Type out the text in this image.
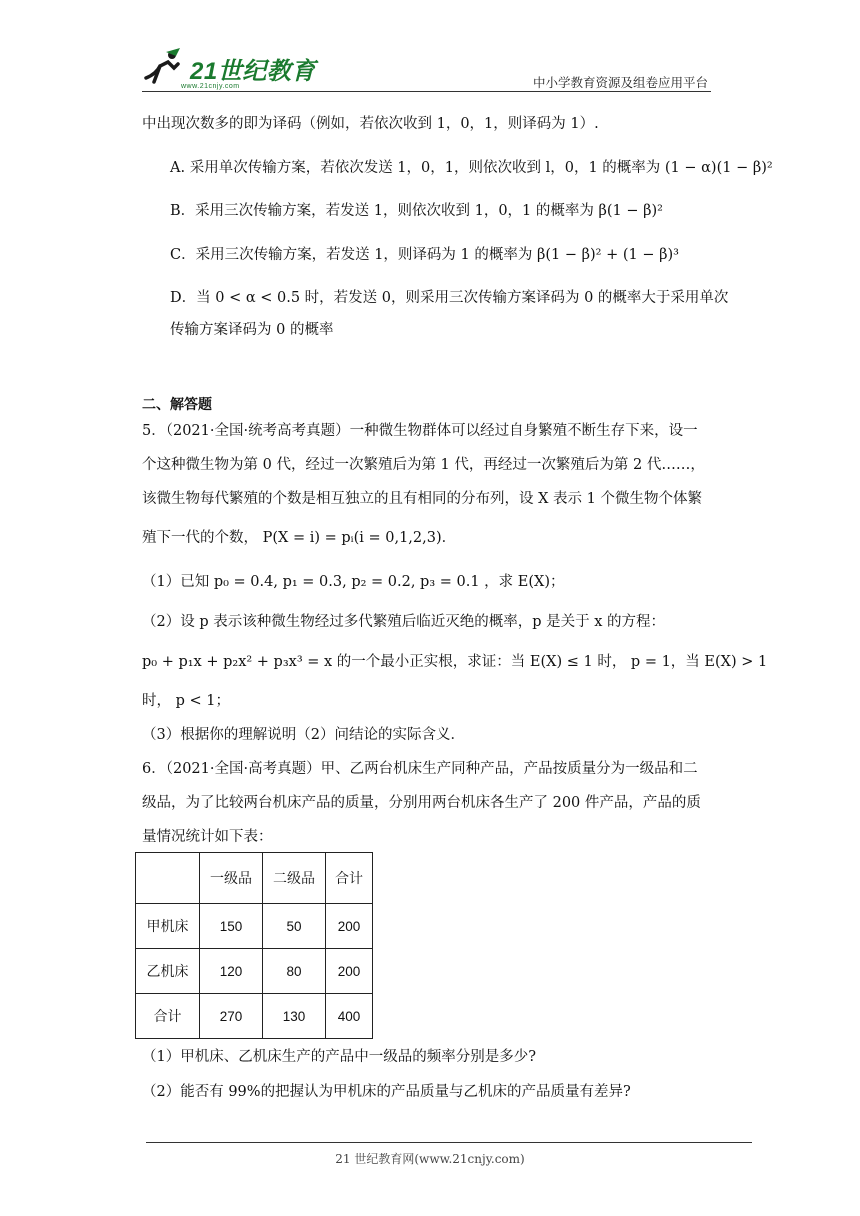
21世纪教育
www.21cnjy.com	中小学教育资源及组卷应用平台
中出现次数多的即为译码（例如，若依次收到 1，0，1，则译码为 1）.
A. 采用单次传输方案，若依次发送 1，0，1，则依次收到 l，0，1 的概率为 (1 − α)(1 − β)²
B．采用三次传输方案，若发送 1，则依次收到 1，0，1 的概率为 β(1 − β)²
C．采用三次传输方案，若发送 1，则译码为 1 的概率为 β(1 − β)² + (1 − β)³
D．当 0 < α < 0.5 时，若发送 0，则采用三次传输方案译码为 0 的概率大于采用单次
传输方案译码为 0 的概率
二、解答题
5．（2021·全国·统考高考真题）一种微生物群体可以经过自身繁殖不断生存下来，设一
个这种微生物为第 0 代，经过一次繁殖后为第 1 代，再经过一次繁殖后为第 2 代……，
该微生物每代繁殖的个数是相互独立的且有相同的分布列，设 X 表示 1 个微生物个体繁
殖下一代的个数， P(X = i) = pᵢ(i = 0,1,2,3)．
（1）已知 p₀ = 0.4, p₁ = 0.3, p₂ = 0.2, p₃ = 0.1 ，求 E(X)；
（2）设 p 表示该种微生物经过多代繁殖后临近灭绝的概率，p 是关于 x 的方程：
p₀ + p₁x + p₂x² + p₃x³ = x 的一个最小正实根，求证：当 E(X) ≤ 1 时， p = 1，当 E(X) > 1
时， p < 1；
（3）根据你的理解说明（2）问结论的实际含义．
6．（2021·全国·高考真题）甲、乙两台机床生产同种产品，产品按质量分为一级品和二
级品，为了比较两台机床产品的质量，分别用两台机床各生产了 200 件产品，产品的质
量情况统计如下表：
	一级品	二级品	合计
甲机床	150	50	200
乙机床	120	80	200
合计	270	130	400
（1）甲机床、乙机床生产的产品中一级品的频率分别是多少?
（2）能否有 99%的把握认为甲机床的产品质量与乙机床的产品质量有差异?
21 世纪教育网(www.21cnjy.com)
